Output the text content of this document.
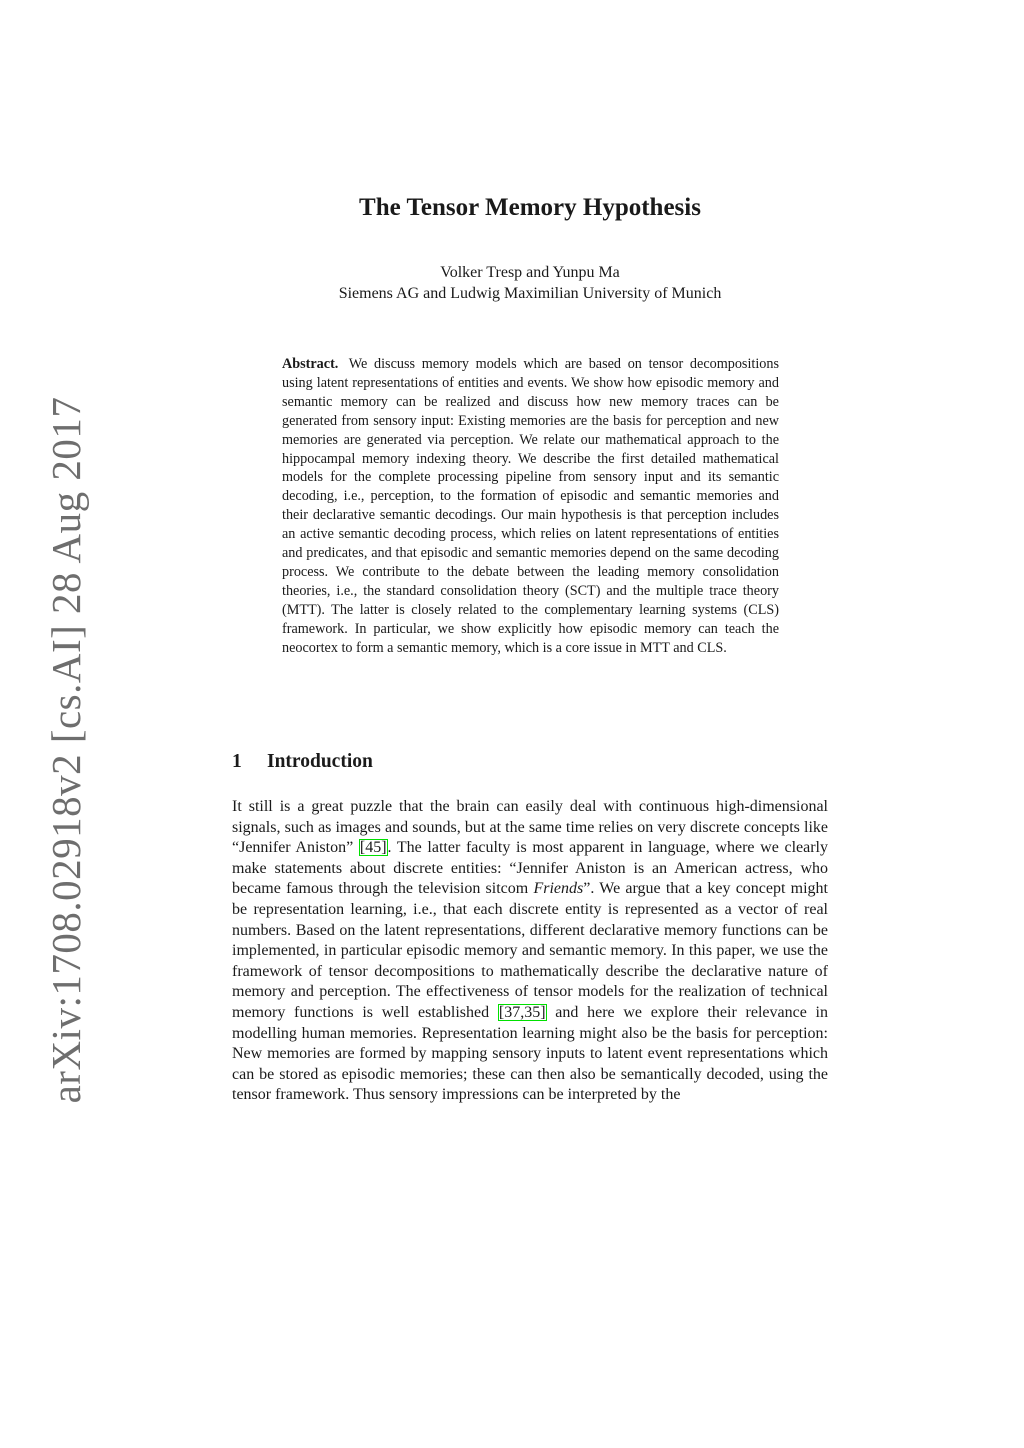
arXiv:1708.02918v2 [cs.AI] 28 Aug 2017
The Tensor Memory Hypothesis
Volker Tresp and Yunpu Ma
Siemens AG and Ludwig Maximilian University of Munich

Abstract. We discuss memory models which are based on tensor decompositions using latent representations of entities and events. We show how episodic memory and semantic memory can be realized and discuss how new memory traces can be generated from sensory input: Existing memories are the basis for perception and new memories are generated via perception. We relate our mathematical approach to the hippocampal memory indexing theory. We describe the first detailed mathematical models for the complete processing pipeline from sensory input and its semantic decoding, i.e., perception, to the formation of episodic and semantic memories and their declarative semantic decodings. Our main hypothesis is that perception includes an active semantic decoding process, which relies on latent representations of entities and predicates, and that episodic and semantic memories depend on the same decoding process. We contribute to the debate between the leading memory consolidation theories, i.e., the standard consolidation theory (SCT) and the multiple trace theory (MTT). The latter is closely related to the complementary learning systems (CLS) framework. In particular, we show explicitly how episodic memory can teach the neocortex to form a semantic memory, which is a core issue in MTT and CLS.

1 Introduction

It still is a great puzzle that the brain can easily deal with continuous high-dimensional signals, such as images and sounds, but at the same time relies on very discrete concepts like “Jennifer Aniston” [45]. The latter faculty is most apparent in language, where we clearly make statements about discrete entities: “Jennifer Aniston is an American actress, who became famous through the television sitcom Friends”. We argue that a key concept might be representation learning, i.e., that each discrete entity is represented as a vector of real numbers. Based on the latent representations, different declarative memory functions can be implemented, in particular episodic memory and semantic memory. In this paper, we use the framework of tensor decompositions to mathematically describe the declarative nature of memory and perception. The effectiveness of tensor models for the realization of technical memory functions is well established [37,35] and here we explore their relevance in modelling human memories. Representation learning might also be the basis for perception: New memories are formed by mapping sensory inputs to latent event representations which can be stored as episodic memories; these can then also be semantically decoded, using the tensor framework. Thus sensory impressions can be interpreted by the
